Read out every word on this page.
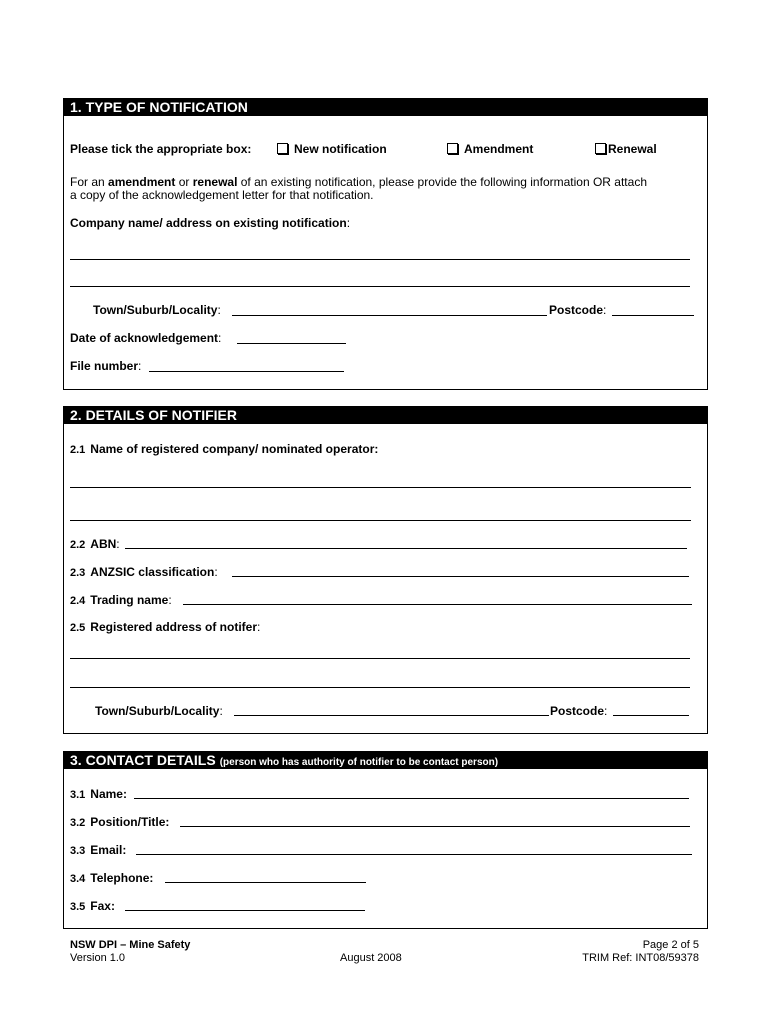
1. TYPE OF NOTIFICATION
Please tick the appropriate box:	New notification	Amendment	Renewal
For an amendment or renewal of an existing notification, please provide the following information OR attach
a copy of the acknowledgement letter for that notification.
Company name/ address on existing notification:
Town/Suburb/Locality:	Postcode:
Date of acknowledgement:
File number:
2. DETAILS OF NOTIFIER
2.1 Name of registered company/ nominated operator:
2.2 ABN:
2.3 ANZSIC classification:
2.4 Trading name:
2.5 Registered address of notifer:
Town/Suburb/Locality:	Postcode:
3. CONTACT DETAILS (person who has authority of notifier to be contact person)
3.1 Name:
3.2 Position/Title:
3.3 Email:
3.4 Telephone:
3.5 Fax:
NSW DPI – Mine Safety
Version 1.0	August 2008
Page 2 of 5
TRIM Ref: INT08/59378
